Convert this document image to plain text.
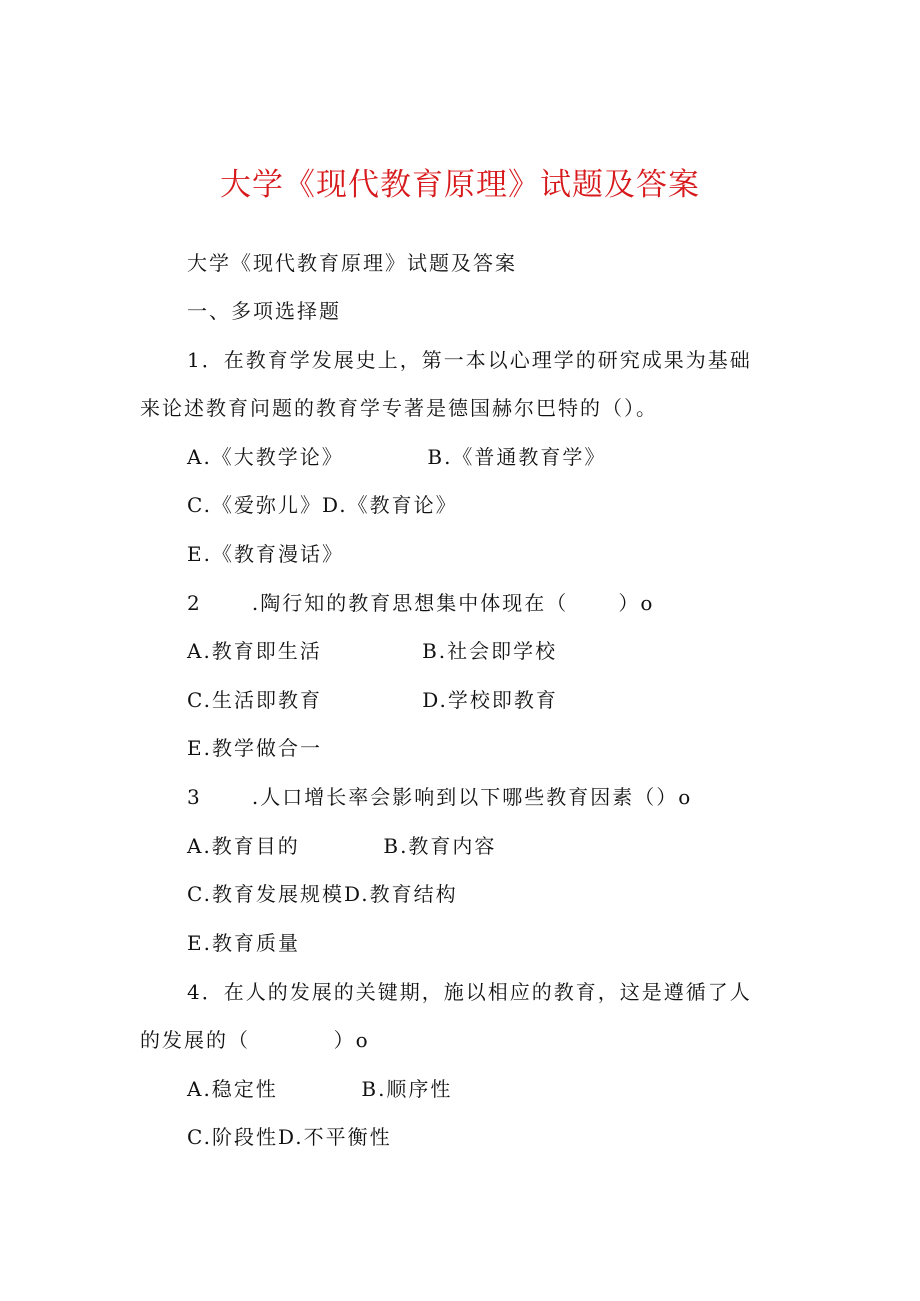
大学《现代教育原理》试题及答案
大学《现代教育原理》试题及答案
一、多项选择题
1．在教育学发展史上，第一本以心理学的研究成果为基础
来论述教育问题的教育学专著是德国赫尔巴特的（）。
A.《大教学论》          B.《普通教育学》
C.《爱弥儿》D.《教育论》
E.《教育漫话》
2      .陶行知的教育思想集中体现在（      ）o
A.教育即生活            B.社会即学校
C.生活即教育            D.学校即教育
E.教学做合一
3      .人口增长率会影响到以下哪些教育因素（）o
A.教育目的          B.教育内容
C.教育发展规模D.教育结构
E.教育质量
4．在人的发展的关键期，施以相应的教育，这是遵循了人
的发展的（          ）o
A.稳定性          B.顺序性
C.阶段性D.不平衡性
